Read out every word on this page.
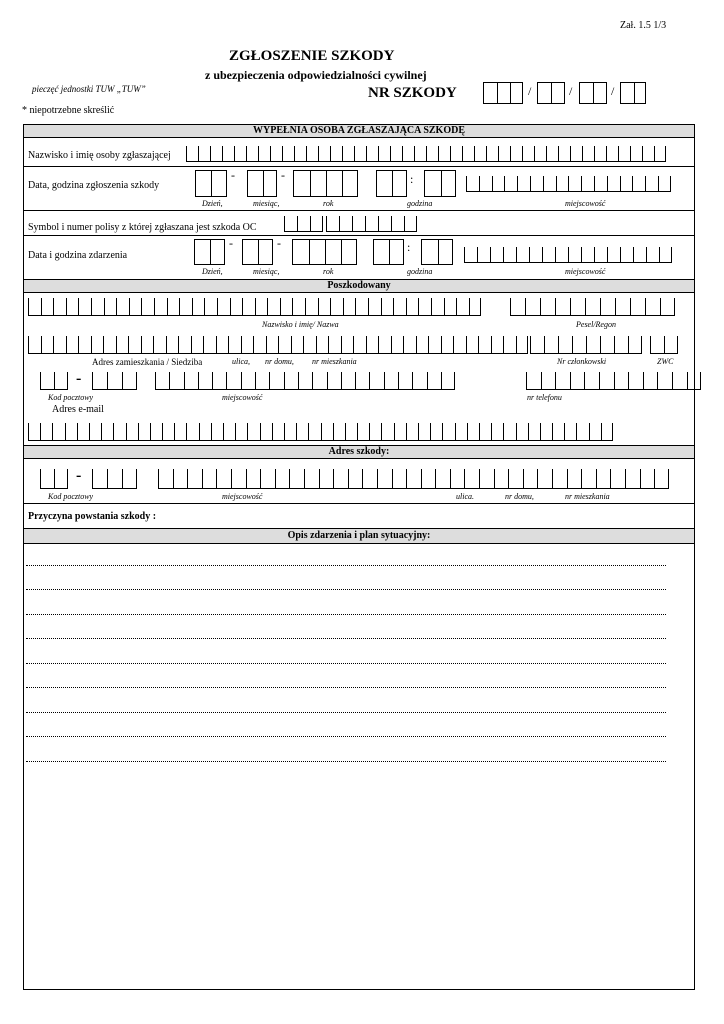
Zał. 1.5 1/3
ZGŁOSZENIE SZKODY
z ubezpieczenia odpowiedzialności cywilnej
pieczęć jednostki TUW „TUW”	NR SZKODY
* niepotrzebne skreślić
/	/	/
WYPEŁNIA OSOBA ZGŁASZAJĄCA SZKODĘ
Nazwisko i imię osoby zgłaszającej
Data, godzina zgłoszenia szkody
-	-	:
Dzień,	miesiąc,	rok	godzina	miejscowość
Symbol i numer polisy z której zgłaszana jest szkoda OC
Data i godzina zdarzenia
-	-	:
Dzień,	miesiąc,	rok	godzina	miejscowość
Poszkodowany
Nazwisko i imię/ Nazwa	Pesel/Regon
Adres zamieszkania / Siedziba	ulica, nr domu, nr mieszkania	Nr członkowski	ZWC
-
Kod pocztowy	miejscowość	nr telefonu
Adres e-mail
Adres szkody:
-
Kod pocztowy	miejscowość	ulica.	nr domu,	nr mieszkania
Przyczyna powstania szkody :
Opis zdarzenia i plan sytuacyjny:
